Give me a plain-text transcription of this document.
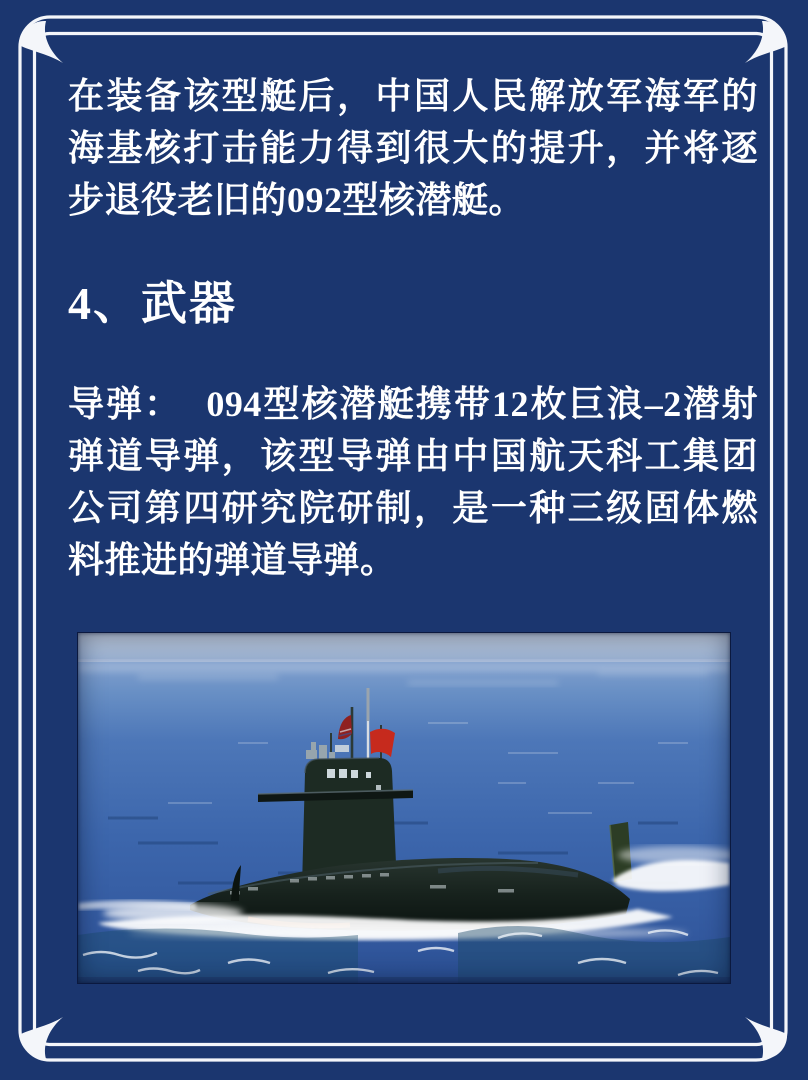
在装备该型艇后，中国人民解放军海军的海基核打击能力得到很大的提升，并将逐步退役老旧的092型核潜艇。

4、武器

导弹：  094型核潜艇携带12枚巨浪–2潜射弹道导弹，该型导弹由中国航天科工集团公司第四研究院研制，是一种三级固体燃料推进的弹道导弹。
